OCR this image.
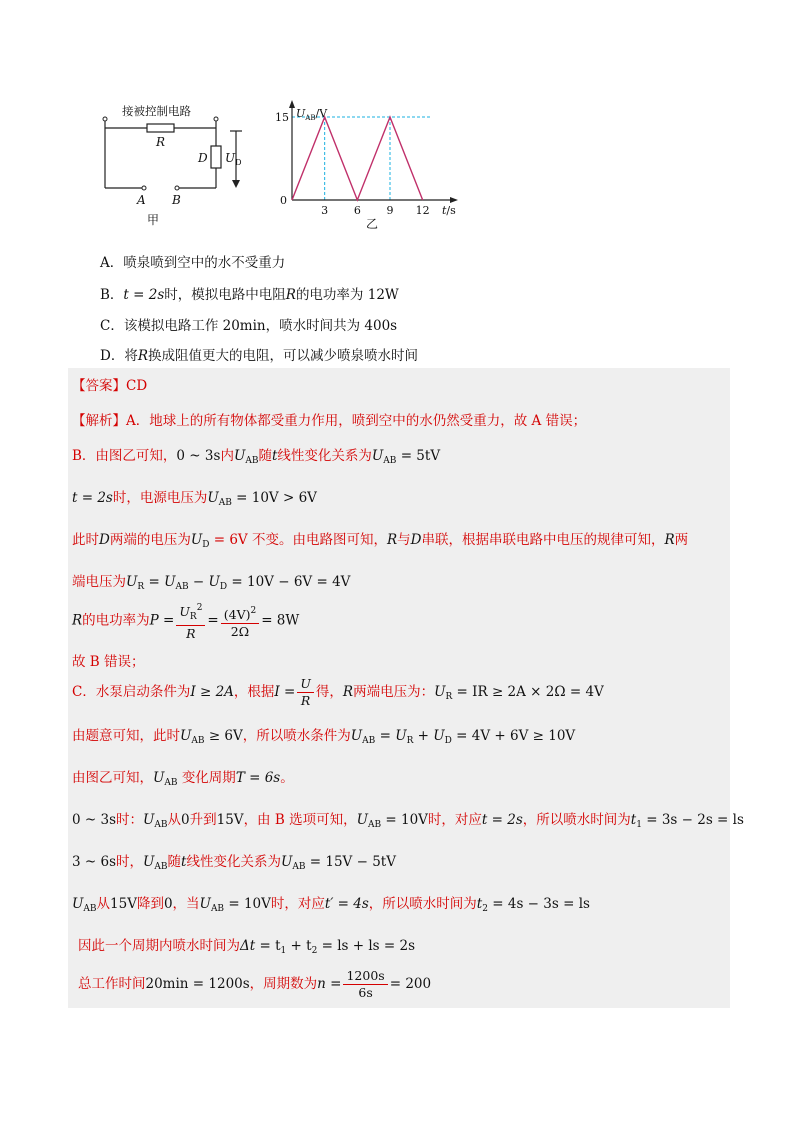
接被控制电路
R
D $U_D$
A B
甲
3 6 9 12
15 $U_{AB}/V$
t/s
0
乙
A．喷泉喷到空中的水不受重力
B．t = 2s时，模拟电路中电阻R的电功率为 12W
C．该模拟电路工作 20min，喷水时间共为 400s
D．将R换成阻值更大的电阻，可以减少喷泉喷水时间
【答案】CD
【解析】A．地球上的所有物体都受重力作用，喷到空中的水仍然受重力，故 A 错误；
B．由图乙可知，0 ~ 3s内$U_{AB}$随t线性变化关系为$U_{AB} = 5tV$
t = 2s时，电源电压为$U_{AB} = 10V > 6V$
此时D两端的电压为$U_D = 6V$ 不变。由电路图可知，R与D串联，根据串联电路中电压的规律可知，R两
端电压为$U_R = U_{AB} - U_D = 10V - 6V = 4V$
R的电功率为$P = \frac{U_R^2}{R} = \frac{(4V)^2}{2\Omega} = 8W$
故 B 错误；
C．水泵启动条件为I ≥ 2A，根据$I = \frac{U}{R}$ 得，R两端电压为：$U_R$ = IR ≥ 2A × 2Ω = 4V
由题意可知，此时$U_{AB} \ge 6V$，所以喷水条件为$U_{AB} = U_R + U_D = 4V + 6V \ge 10V$
由图乙可知，$U_{AB}$ 变化周期T = 6s。
0 ~ 3s时：$U_{AB}$从0升到15V，由 B 选项可知，$U_{AB} = 10V$时，对应t = 2s，所以喷水时间为$t_1 = 3s - 2s$ = ls
3 ~ 6s时，$U_{AB}$随t线性变化关系为$U_{AB} = 15V - 5tV$
$U_{AB}$从15V降到0，当$U_{AB} = 10V$时，对应t′ = 4s，所以喷水时间为$t_2 = 4s - 3s$ = ls
因此一个周期内喷水时间为$\Delta t = t_1 + t_2$ = ls + ls = 2s
总工作时间20min = 1200s，周期数为$n = \frac{1200s}{6s} = 200$
